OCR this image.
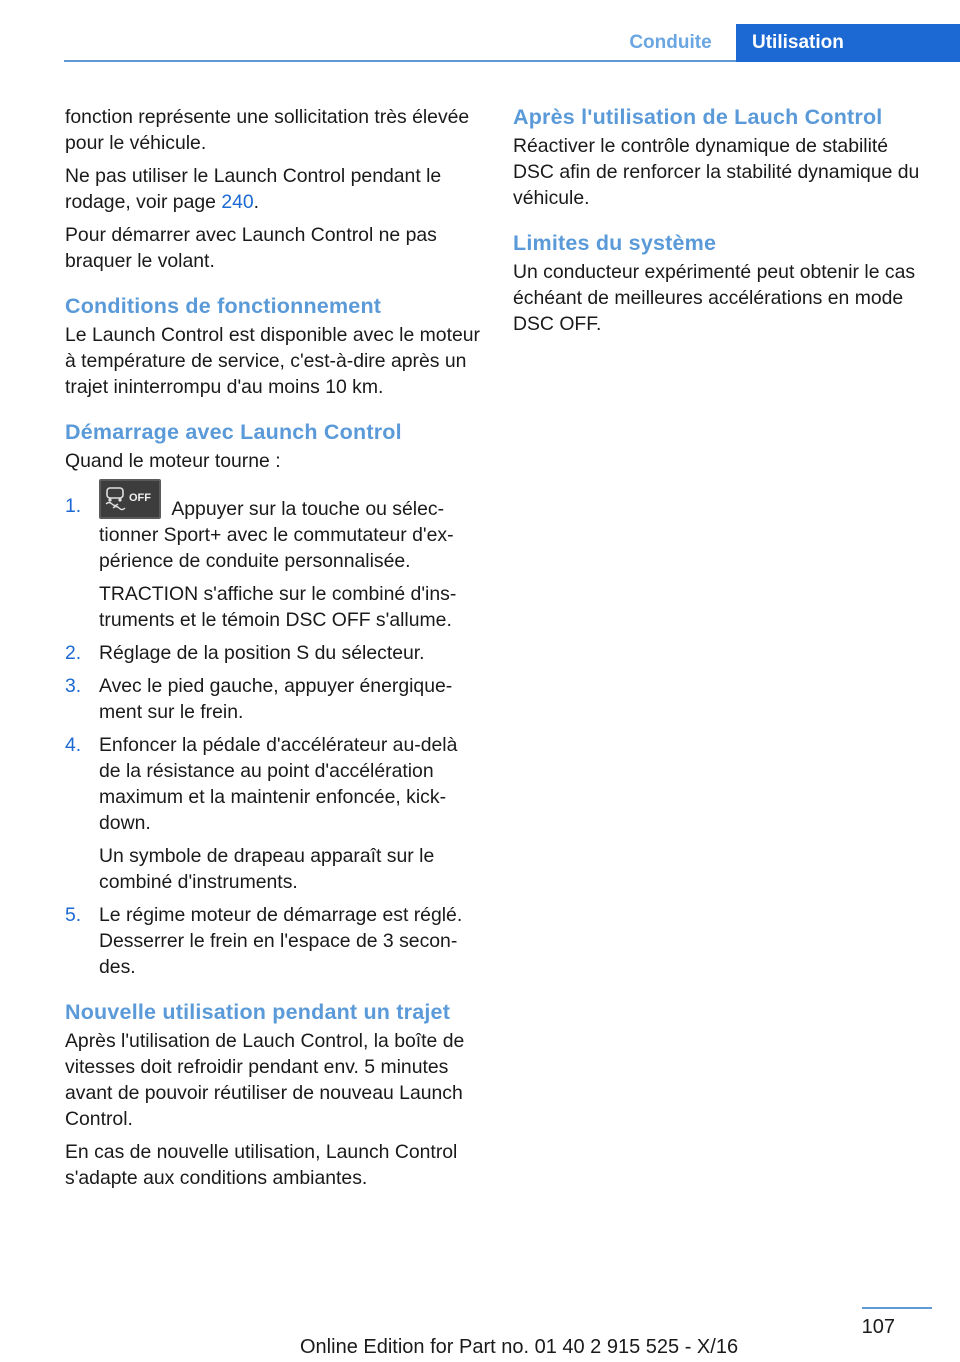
Conduite	Utilisation

fonction représente une sollicitation très élevée pour le véhicule.

Ne pas utiliser le Launch Control pendant le rodage, voir page 240.

Pour démarrer avec Launch Control ne pas braquer le volant.

Conditions de fonctionnement

Le Launch Control est disponible avec le moteur à température de service, c'est-à-dire après un trajet ininterrompu d'au moins 10 km.

Démarrage avec Launch Control

Quand le moteur tourne :

1.	OFF Appuyer sur la touche ou sélectionner Sport+ avec le commutateur d'expérience de conduite personnalisée.

TRACTION s'affiche sur le combiné d'instruments et le témoin DSC OFF s'allume.

2. Réglage de la position S du sélecteur.
3. Avec le pied gauche, appuyer énergiquement sur le frein.
4. Enfoncer la pédale d'accélérateur au-delà de la résistance au point d'accélération maximum et la maintenir enfoncée, kickdown.

Un symbole de drapeau apparaît sur le combiné d'instruments.

5. Le régime moteur de démarrage est réglé. Desserrer le frein en l'espace de 3 secondes.
Nouvelle utilisation pendant un trajet

Après l'utilisation de Lauch Control, la boîte de vitesses doit refroidir pendant env. 5 minutes avant de pouvoir réutiliser de nouveau Launch Control.

En cas de nouvelle utilisation, Launch Control s'adapte aux conditions ambiantes.

Après l'utilisation de Lauch Control

Réactiver le contrôle dynamique de stabilité DSC afin de renforcer la stabilité dynamique du véhicule.

Limites du système

Un conducteur expérimenté peut obtenir le cas échéant de meilleures accélérations en mode DSC OFF.

107
Online Edition for Part no. 01 40 2 915 525 - X/16
